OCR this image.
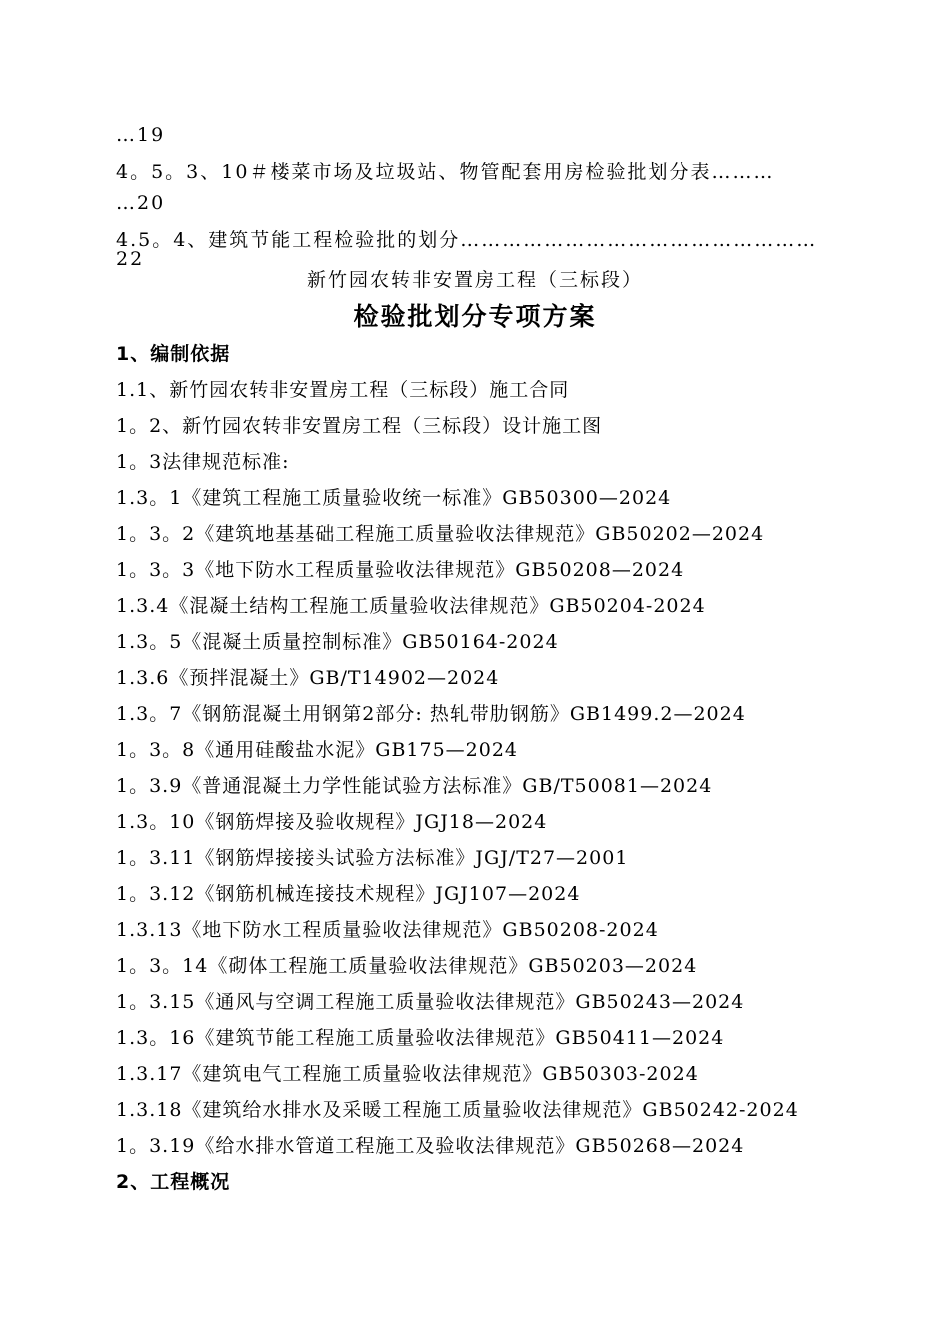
…19
4。5。3、10＃楼菜市场及垃圾站、物管配套用房检验批划分表………
…20
4.5。4、建筑节能工程检验批的划分……………………………………………
22
新竹园农转非安置房工程（三标段）
检验批划分专项方案
1、编制依据
1.1、新竹园农转非安置房工程（三标段）施工合同
1。2、新竹园农转非安置房工程（三标段）设计施工图
1。3法律规范标准:
1.3。1《建筑工程施工质量验收统一标准》GB50300—2024
1。3。2《建筑地基基础工程施工质量验收法律规范》GB50202—2024
1。3。3《地下防水工程质量验收法律规范》GB50208—2024
1.3.4《混凝土结构工程施工质量验收法律规范》GB50204-2024
1.3。5《混凝土质量控制标准》GB50164-2024
1.3.6《预拌混凝土》GB/T14902—2024
1.3。7《钢筋混凝土用钢第2部分: 热轧带肋钢筋》GB1499.2—2024
1。3。8《通用硅酸盐水泥》GB175—2024
1。3.9《普通混凝土力学性能试验方法标准》GB/T50081—2024
1.3。10《钢筋焊接及验收规程》JGJ18—2024
1。3.11《钢筋焊接接头试验方法标准》JGJ/T27—2001
1。3.12《钢筋机械连接技术规程》JGJ107—2024
1.3.13《地下防水工程质量验收法律规范》GB50208-2024
1。3。14《砌体工程施工质量验收法律规范》GB50203—2024
1。3.15《通风与空调工程施工质量验收法律规范》GB50243—2024
1.3。16《建筑节能工程施工质量验收法律规范》GB50411—2024
1.3.17《建筑电气工程施工质量验收法律规范》GB50303-2024
1.3.18《建筑给水排水及采暖工程施工质量验收法律规范》GB50242-2024
1。3.19《给水排水管道工程施工及验收法律规范》GB50268—2024
2、工程概况
